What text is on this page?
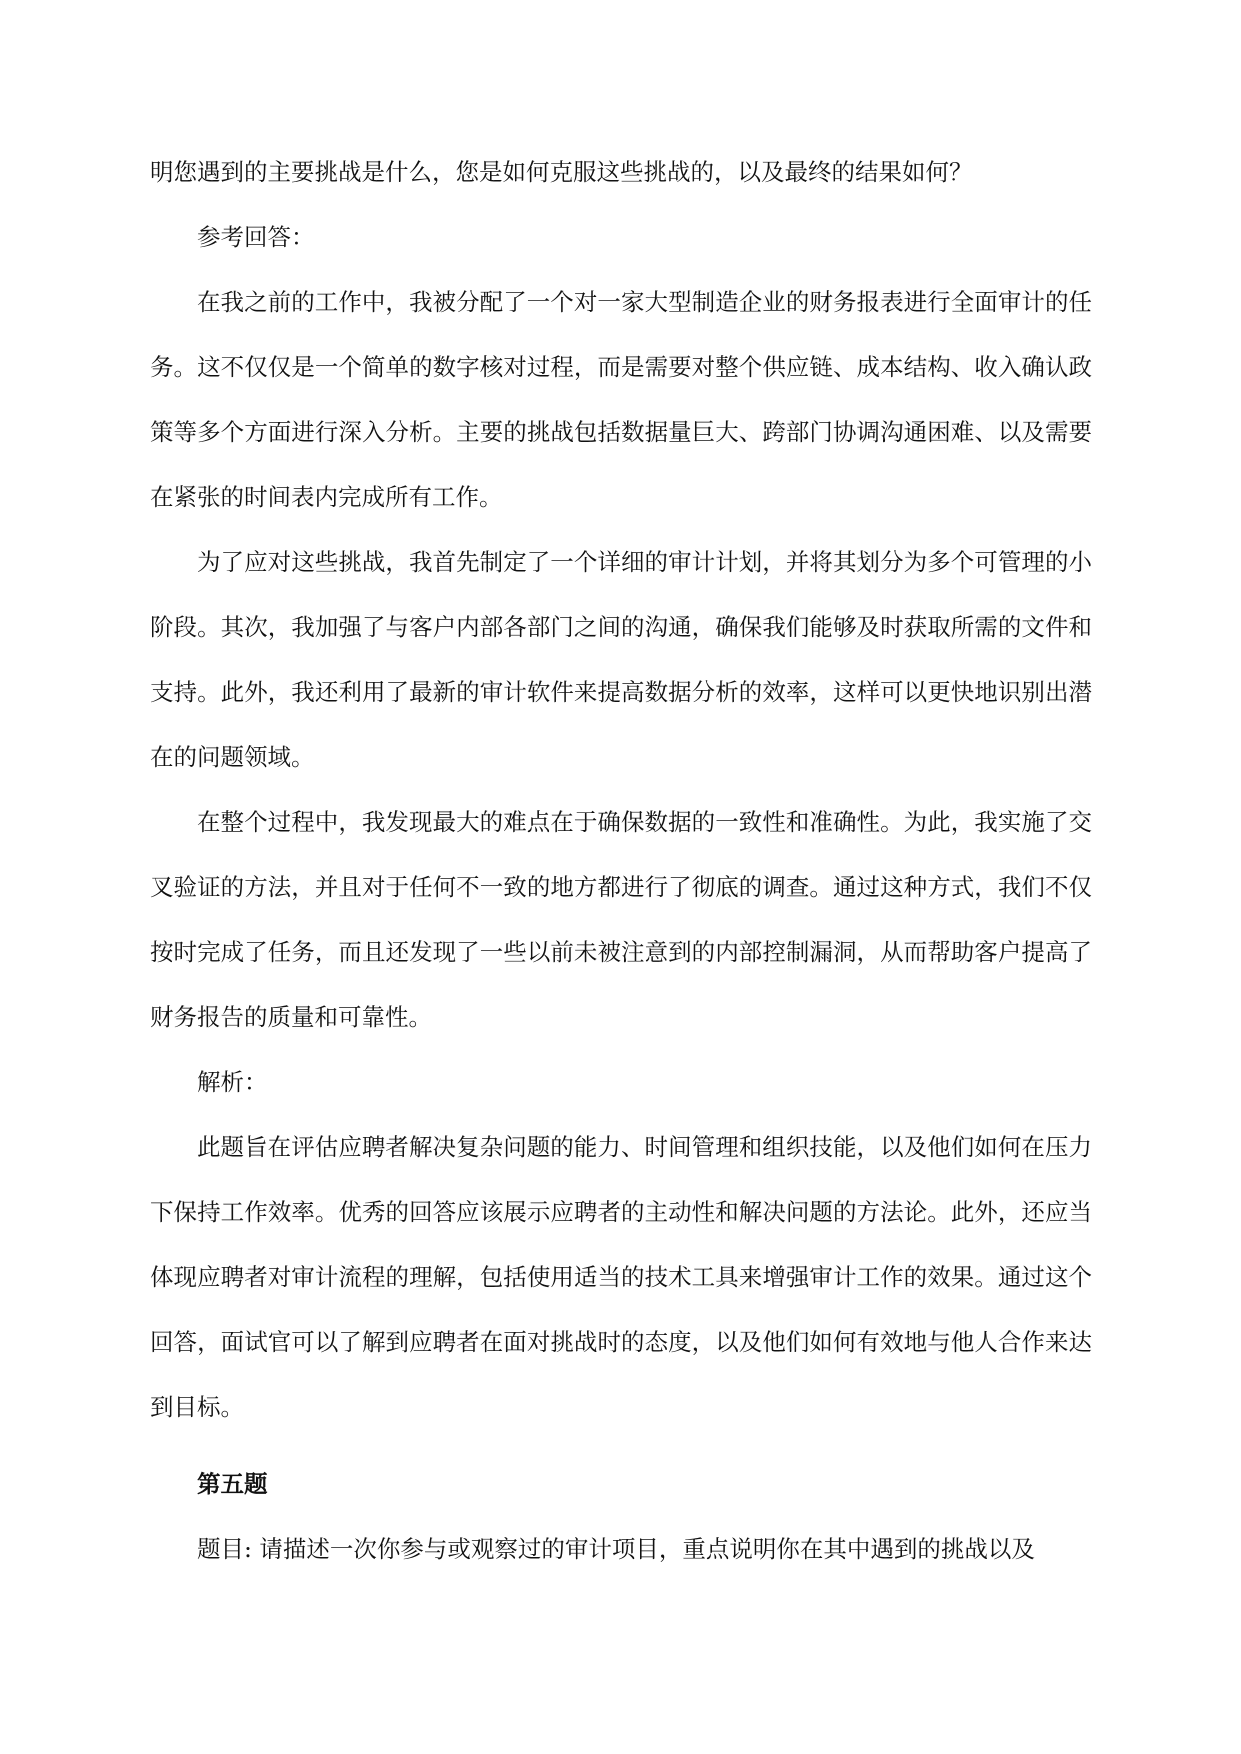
明您遇到的主要挑战是什么，您是如何克服这些挑战的，以及最终的结果如何？

参考回答：

在我之前的工作中，我被分配了一个对一家大型制造企业的财务报表进行全面审计的任务。这不仅仅是一个简单的数字核对过程，而是需要对整个供应链、成本结构、收入确认政策等多个方面进行深入分析。主要的挑战包括数据量巨大、跨部门协调沟通困难、以及需要在紧张的时间表内完成所有工作。

为了应对这些挑战，我首先制定了一个详细的审计计划，并将其划分为多个可管理的小阶段。其次，我加强了与客户内部各部门之间的沟通，确保我们能够及时获取所需的文件和支持。此外，我还利用了最新的审计软件来提高数据分析的效率，这样可以更快地识别出潜在的问题领域。

在整个过程中，我发现最大的难点在于确保数据的一致性和准确性。为此，我实施了交叉验证的方法，并且对于任何不一致的地方都进行了彻底的调查。通过这种方式，我们不仅按时完成了任务，而且还发现了一些以前未被注意到的内部控制漏洞，从而帮助客户提高了财务报告的质量和可靠性。

解析：

此题旨在评估应聘者解决复杂问题的能力、时间管理和组织技能，以及他们如何在压力下保持工作效率。优秀的回答应该展示应聘者的主动性和解决问题的方法论。此外，还应当体现应聘者对审计流程的理解，包括使用适当的技术工具来增强审计工作的效果。通过这个回答，面试官可以了解到应聘者在面对挑战时的态度，以及他们如何有效地与他人合作来达到目标。

第五题

题目: 请描述一次你参与或观察过的审计项目，重点说明你在其中遇到的挑战以及
